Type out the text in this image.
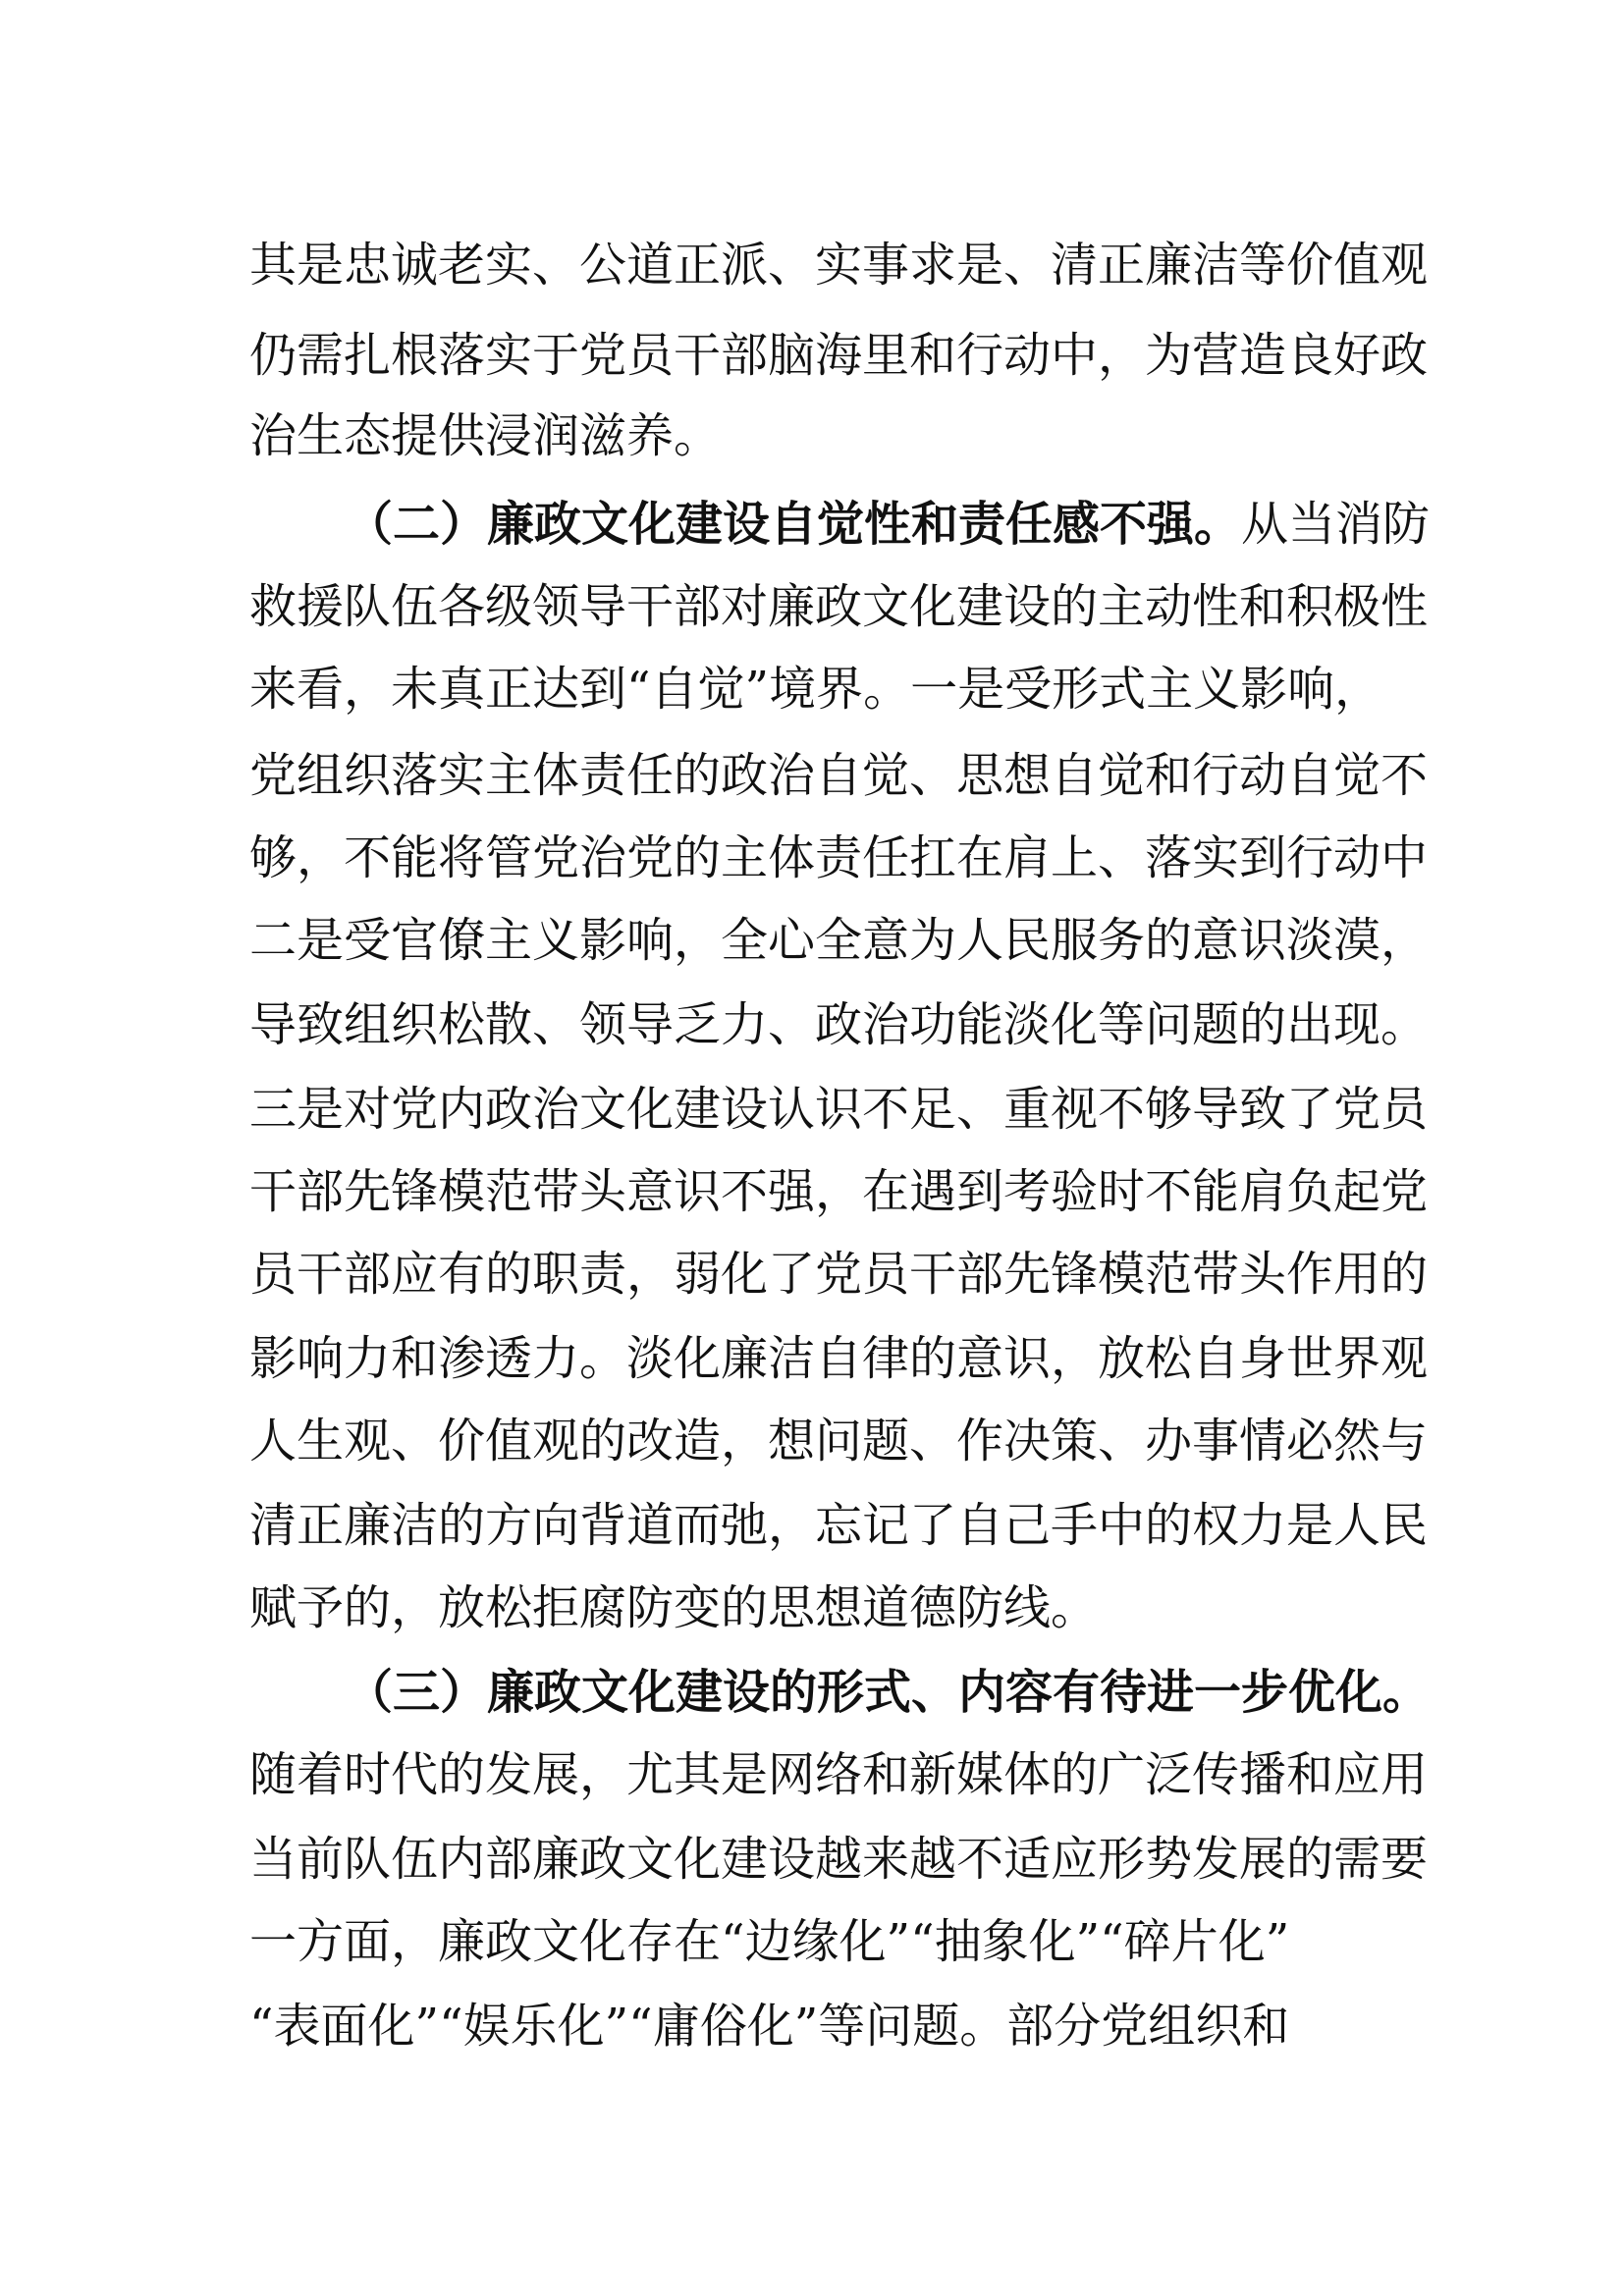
其是忠诚老实、公道正派、实事求是、清正廉洁等价值观
仍需扎根落实于党员干部脑海里和行动中，为营造良好政
治生态提供浸润滋养。
（二）廉政文化建设自觉性和责任感不强。从当消防
救援队伍各级领导干部对廉政文化建设的主动性和积极性
来看，未真正达到“自觉”境界。一是受形式主义影响，
党组织落实主体责任的政治自觉、思想自觉和行动自觉不
够，不能将管党治党的主体责任扛在肩上、落实到行动中
二是受官僚主义影响，全心全意为人民服务的意识淡漠，
导致组织松散、领导乏力、政治功能淡化等问题的出现。
三是对党内政治文化建设认识不足、重视不够导致了党员
干部先锋模范带头意识不强，在遇到考验时不能肩负起党
员干部应有的职责，弱化了党员干部先锋模范带头作用的
影响力和渗透力。淡化廉洁自律的意识，放松自身世界观
人生观、价值观的改造，想问题、作决策、办事情必然与
清正廉洁的方向背道而弛，忘记了自己手中的权力是人民
赋予的，放松拒腐防变的思想道德防线。
（三）廉政文化建设的形式、内容有待进一步优化。
随着时代的发展，尤其是网络和新媒体的广泛传播和应用
当前队伍内部廉政文化建设越来越不适应形势发展的需要
一方面，廉政文化存在“边缘化”“抽象化”“碎片化”
“表面化”“娱乐化”“庸俗化”等问题。部分党组织和
